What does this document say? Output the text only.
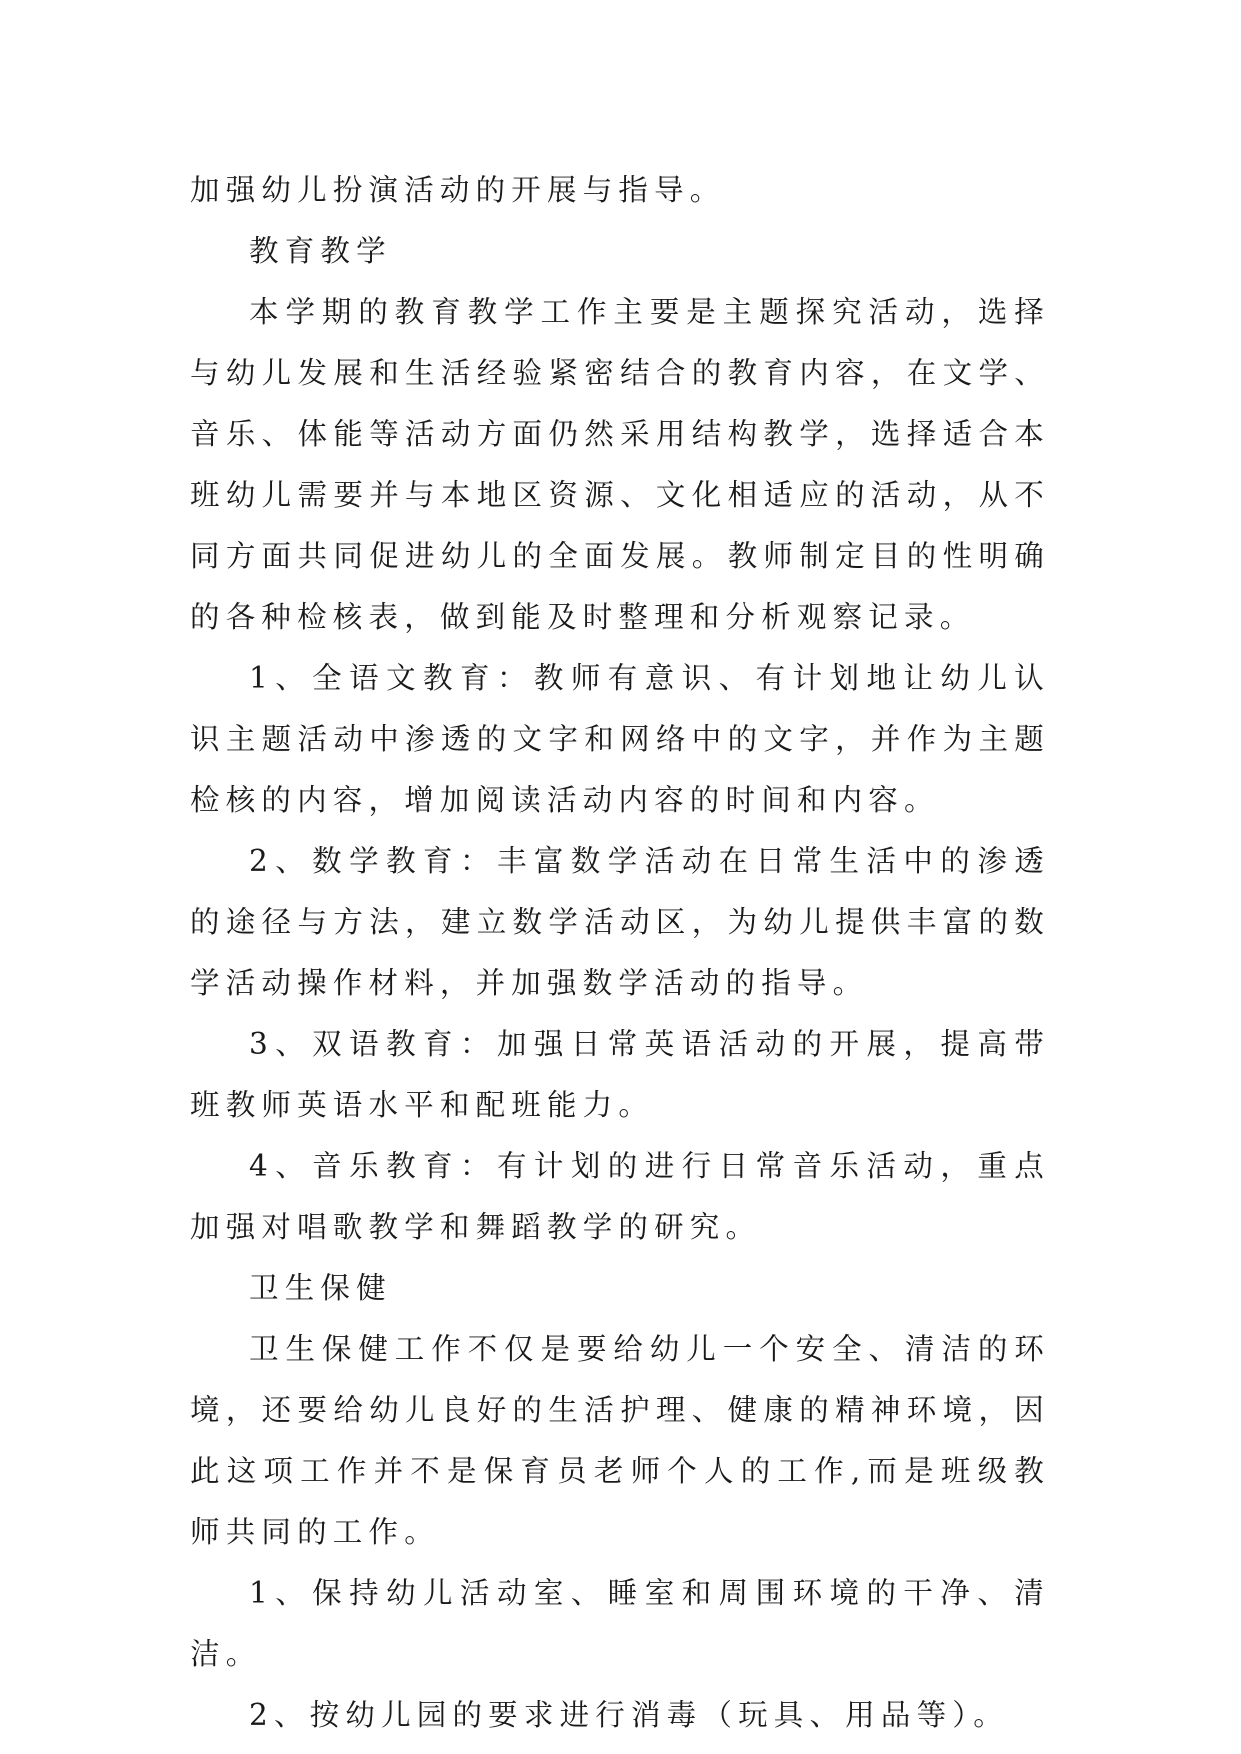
加强幼儿扮演活动的开展与指导。

教育教学

本学期的教育教学工作主要是主题探究活动，选择与幼儿发展和生活经验紧密结合的教育内容，在文学、音乐、体能等活动方面仍然采用结构教学，选择适合本班幼儿需要并与本地区资源、文化相适应的活动，从不同方面共同促进幼儿的全面发展。教师制定目的性明确的各种检核表，做到能及时整理和分析观察记录。

1、全语文教育：教师有意识、有计划地让幼儿认识主题活动中渗透的文字和网络中的文字，并作为主题检核的内容，增加阅读活动内容的时间和内容。

2、数学教育：丰富数学活动在日常生活中的渗透的途径与方法，建立数学活动区，为幼儿提供丰富的数学活动操作材料，并加强数学活动的指导。

3、双语教育：加强日常英语活动的开展，提高带班教师英语水平和配班能力。

4、音乐教育：有计划的进行日常音乐活动，重点加强对唱歌教学和舞蹈教学的研究。

卫生保健

卫生保健工作不仅是要给幼儿一个安全、清洁的环境，还要给幼儿良好的生活护理、健康的精神环境，因此这项工作并不是保育员老师个人的工作,而是班级教师共同的工作。

1、保持幼儿活动室、睡室和周围环境的干净、清洁。

2、按幼儿园的要求进行消毒（玩具、用品等）。
